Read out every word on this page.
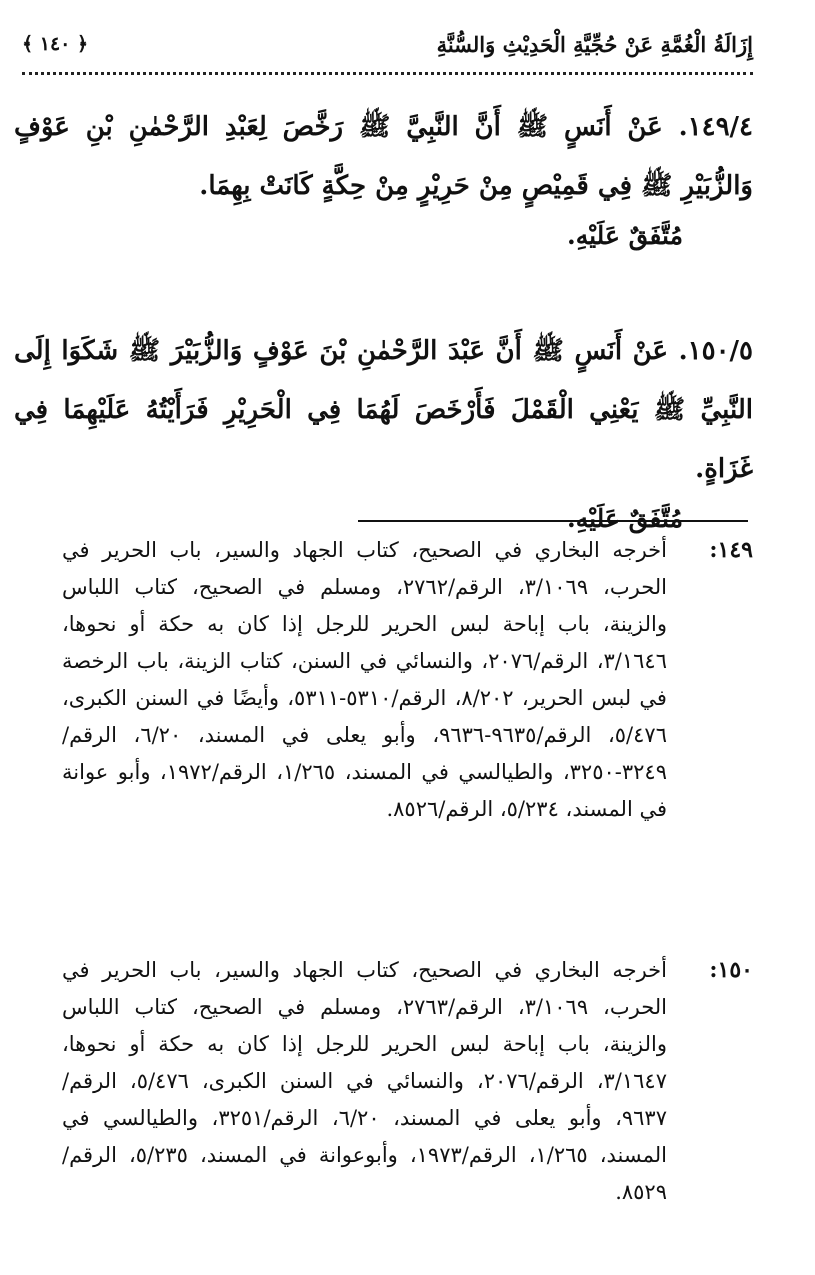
إِزَالَةُ الْغُمَّةِ عَنْ حُجِّيَّةِ الْحَدِيْثِ وَالسُّنَّةِ
﴿ ١٤٠ ﴾

١٤٩/٤. عَنْ أَنَسٍ ﷺ أَنَّ النَّبِيَّ ﷺ رَخَّصَ لِعَبْدِ الرَّحْمٰنِ بْنِ عَوْفٍ وَالزُّبَيْرِ ﷺ فِي قَمِيْصٍ مِنْ حَرِيْرٍ مِنْ حِكَّةٍ كَانَتْ بِهِمَا.

مُتَّفَقٌ عَلَيْهِ.

١٥٠/٥. عَنْ أَنَسٍ ﷺ أَنَّ عَبْدَ الرَّحْمٰنِ بْنَ عَوْفٍ وَالزُّبَيْرَ ﷺ شَكَوَا إِلَى النَّبِيِّ ﷺ يَعْنِي الْقَمْلَ فَأَرْخَصَ لَهُمَا فِي الْحَرِيْرِ فَرَأَيْتُهُ عَلَيْهِمَا فِي غَزَاةٍ.

مُتَّفَقٌ عَلَيْهِ.

١٤٩:

أخرجه البخاري في الصحيح، كتاب الجهاد والسير، باب الحرير في الحرب، ٣/١٠٦٩، الرقم/٢٧٦٢، ومسلم في الصحيح، كتاب اللباس والزينة، باب إباحة لبس الحرير للرجل إذا كان به حكة أو نحوها، ٣/١٦٤٦، الرقم/٢٠٧٦، والنسائي في السنن، كتاب الزينة، باب الرخصة في لبس الحرير، ٨/٢٠٢، الرقم/٥٣١٠-٥٣١١، وأيضًا في السنن الكبرى، ٥/٤٧٦، الرقم/٩٦٣٥-٩٦٣٦، وأبو يعلى في المسند، ٦/٢٠، الرقم/٣٢٤٩-٣٢٥٠، والطيالسي في المسند، ١/٢٦٥، الرقم/١٩٧٢، وأبو عوانة في المسند، ٥/٢٣٤، الرقم/٨٥٢٦.

١٥٠:

أخرجه البخاري في الصحيح، كتاب الجهاد والسير، باب الحرير في الحرب، ٣/١٠٦٩، الرقم/٢٧٦٣، ومسلم في الصحيح، كتاب اللباس والزينة، باب إباحة لبس الحرير للرجل إذا كان به حكة أو نحوها، ٣/١٦٤٧، الرقم/٢٠٧٦، والنسائي في السنن الكبرى، ٥/٤٧٦، الرقم/٩٦٣٧، وأبو يعلى في المسند، ٦/٢٠، الرقم/٣٢٥١، والطيالسي في المسند، ١/٢٦٥، الرقم/١٩٧٣، وأبوعوانة في المسند، ٥/٢٣٥، الرقم/٨٥٢٩.
